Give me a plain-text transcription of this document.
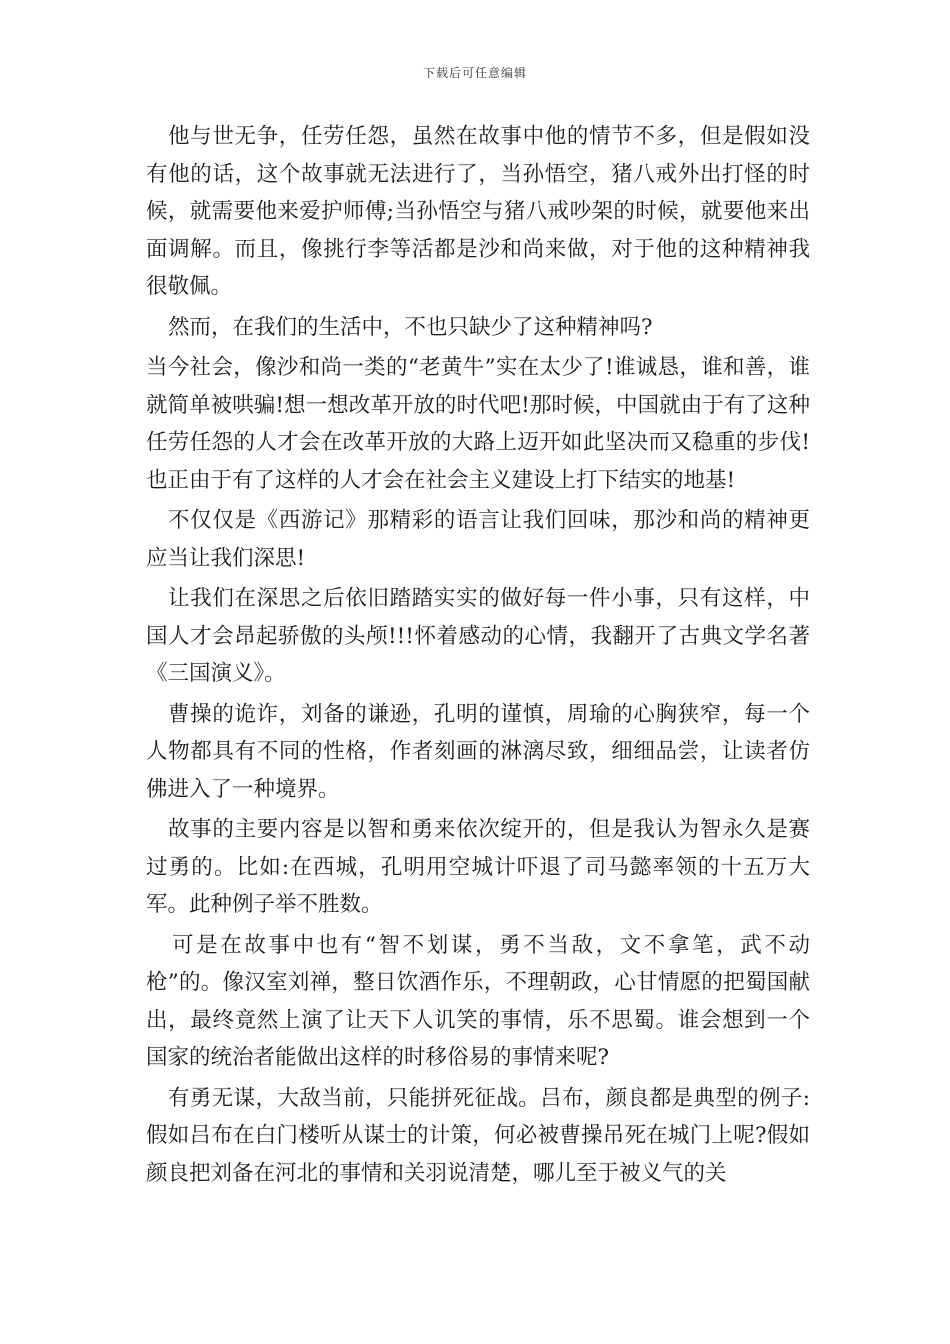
下载后可任意编辑

他与世无争，任劳任怨，虽然在故事中他的情节不多，但是假如没有他的话，这个故事就无法进行了，当孙悟空，猪八戒外出打怪的时候，就需要他来爱护师傅;当孙悟空与猪八戒吵架的时候，就要他来出面调解。而且，像挑行李等活都是沙和尚来做，对于他的这种精神我很敬佩。

然而，在我们的生活中，不也只缺少了这种精神吗?

当今社会，像沙和尚一类的“老黄牛”实在太少了!谁诚恳，谁和善，谁就简单被哄骗!想一想改革开放的时代吧!那时候，中国就由于有了这种任劳任怨的人才会在改革开放的大路上迈开如此坚决而又稳重的步伐!也正由于有了这样的人才会在社会主义建设上打下结实的地基!

不仅仅是《西游记》那精彩的语言让我们回味，那沙和尚的精神更应当让我们深思!

让我们在深思之后依旧踏踏实实的做好每一件小事，只有这样，中国人才会昂起骄傲的头颅!!!怀着感动的心情，我翻开了古典文学名著《三国演义》。

曹操的诡诈，刘备的谦逊，孔明的谨慎，周瑜的心胸狭窄，每一个人物都具有不同的性格，作者刻画的淋漓尽致，细细品尝，让读者仿佛进入了一种境界。

故事的主要内容是以智和勇来依次绽开的，但是我认为智永久是赛过勇的。比如:在西城，孔明用空城计吓退了司马懿率领的十五万大军。此种例子举不胜数。

可是在故事中也有“智不划谋，勇不当敌，文不拿笔，武不动枪”的。像汉室刘禅，整日饮酒作乐，不理朝政，心甘情愿的把蜀国献出，最终竟然上演了让天下人讥笑的事情，乐不思蜀。谁会想到一个国家的统治者能做出这样的时移俗易的事情来呢?

有勇无谋，大敌当前，只能拼死征战。吕布，颜良都是典型的例子:假如吕布在白门楼听从谋士的计策，何必被曹操吊死在城门上呢?假如颜良把刘备在河北的事情和关羽说清楚，哪儿至于被义气的关
